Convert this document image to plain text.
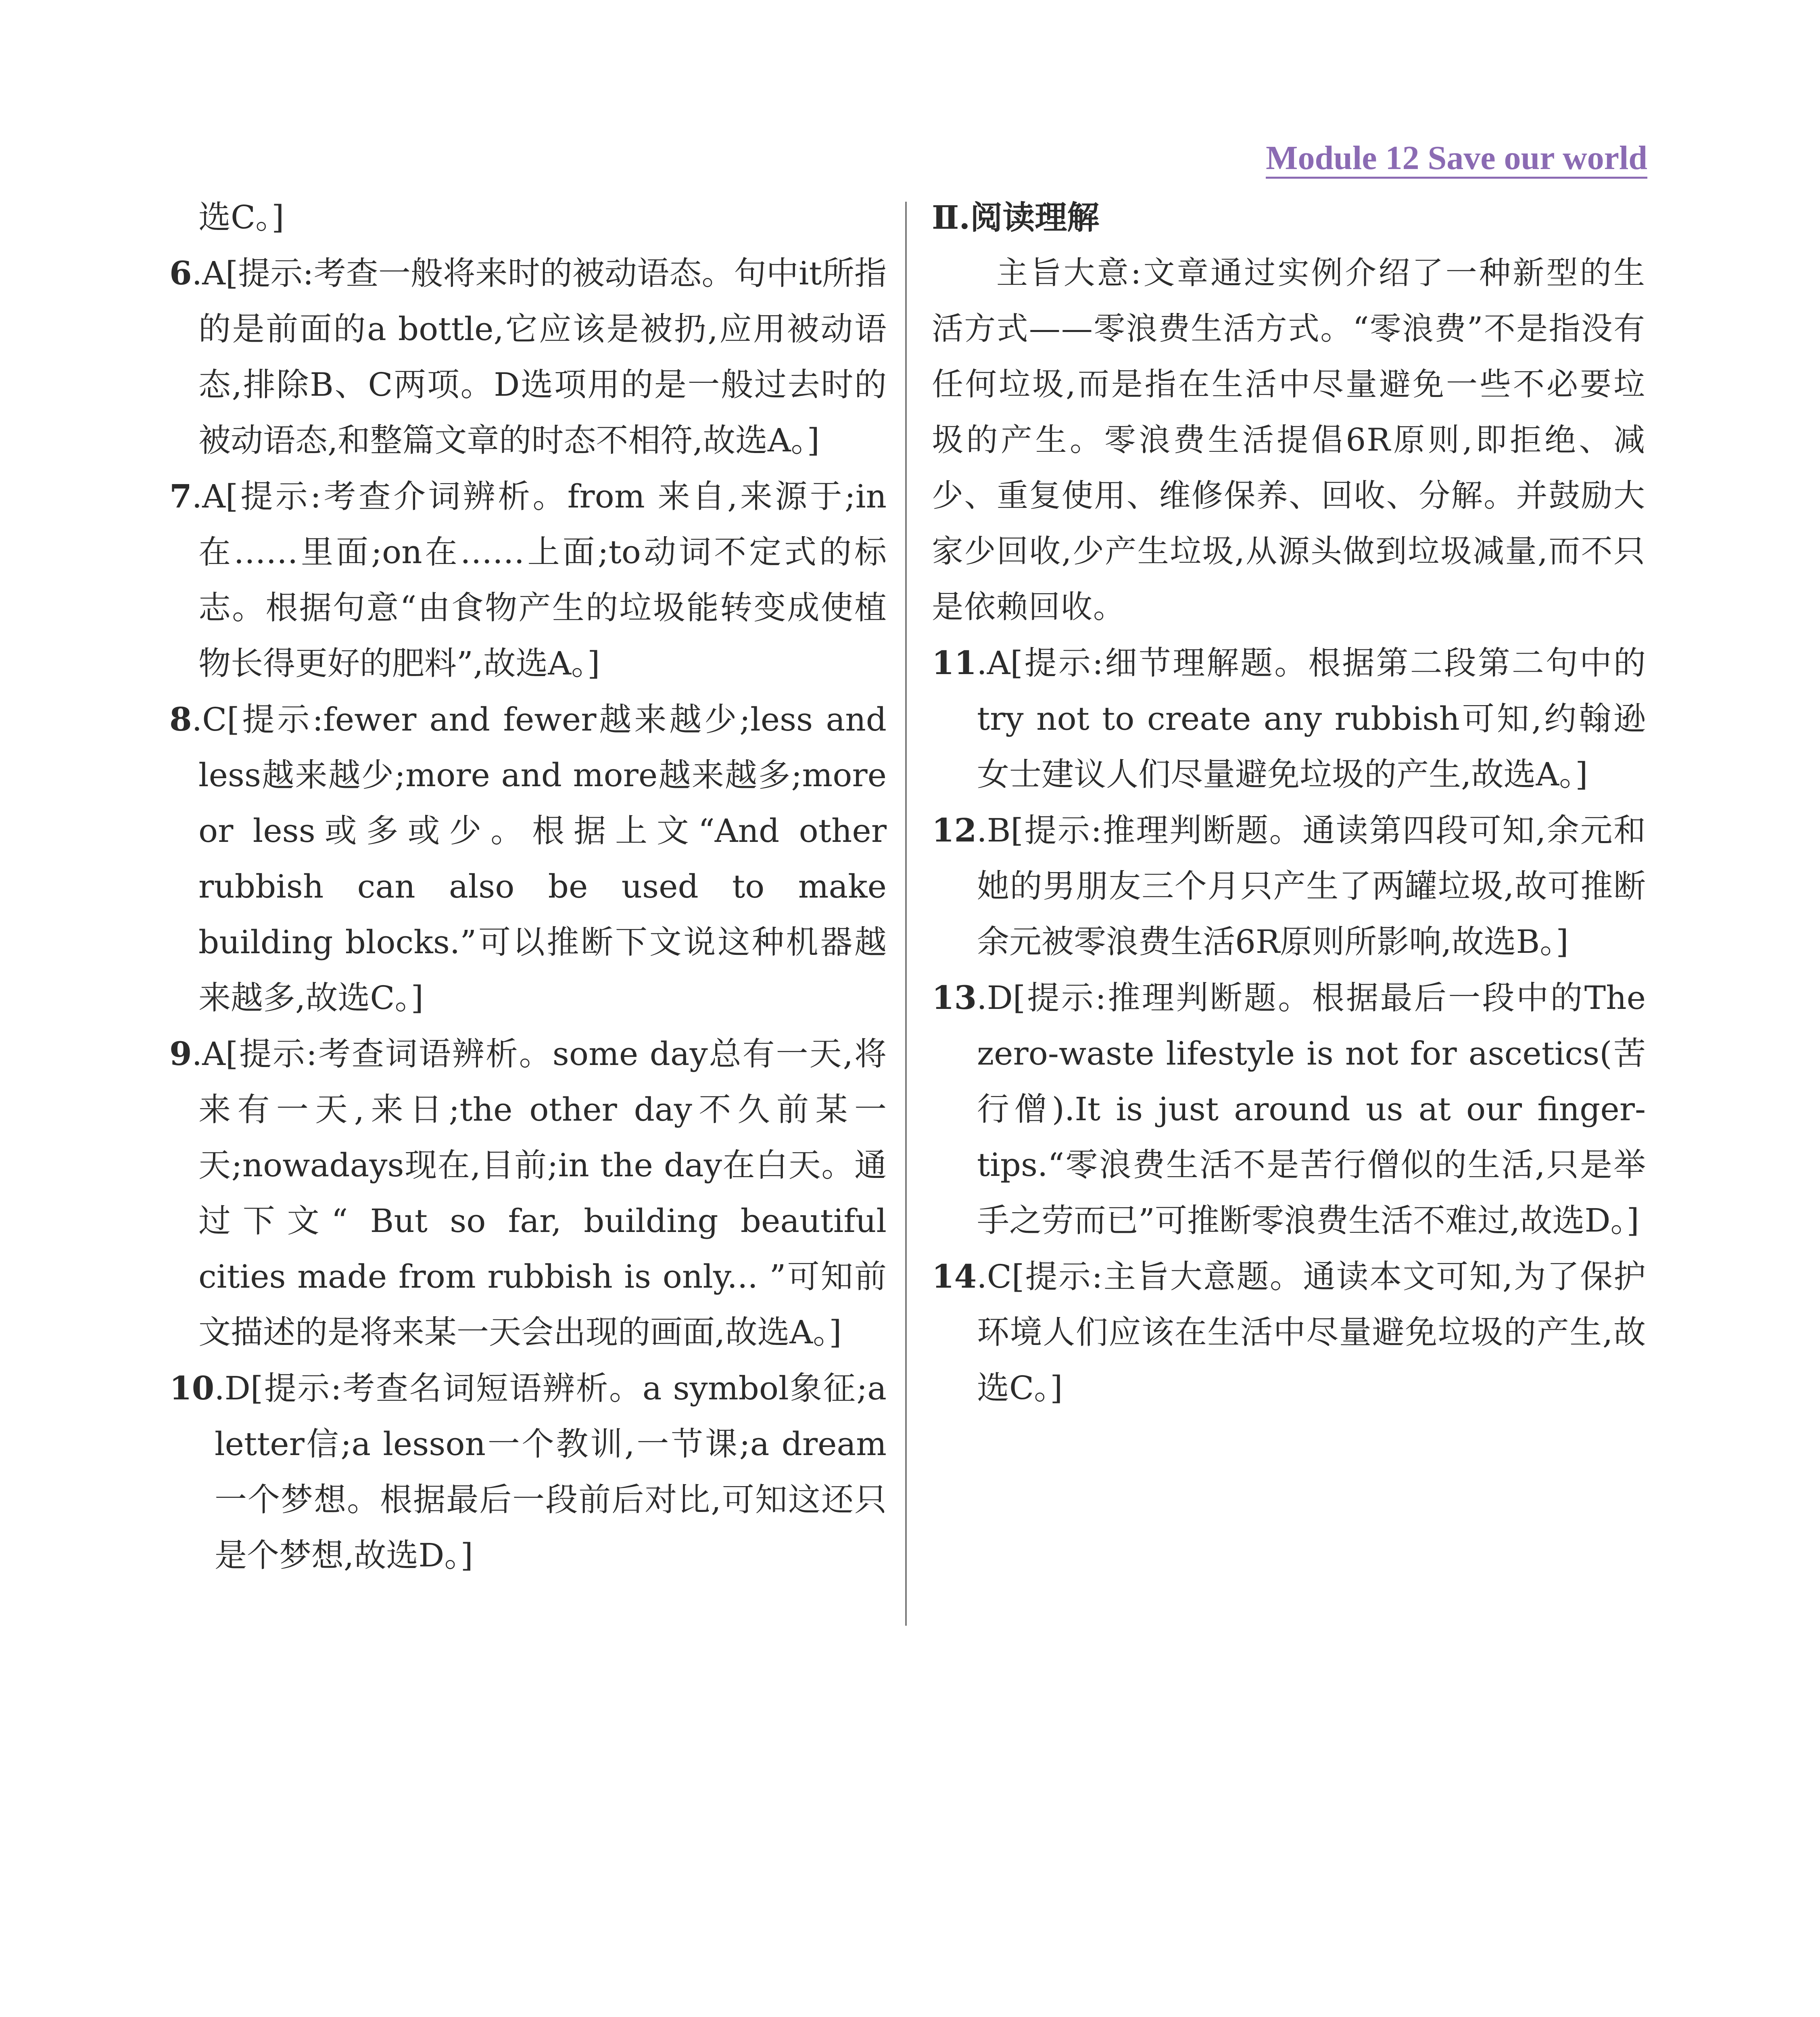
Module 12 Save our world

选C。]

6.A[提示:考查一般将来时的被动语态。句中it所指的是前面的a bottle,它应该是被扔,应用被动语态,排除B、C两项。D选项用的是一般过去时的被动语态,和整篇文章的时态不相符,故选A。]

7.A[提示:考查介词辨析。from 来自,来源于;in在……里面;on在……上面;to动词不定式的标志。根据句意“由食物产生的垃圾能转变成使植物长得更好的肥料”,故选A。]

8.C[提示:fewer and fewer越来越少;less and less越来越少;more and more越来越多;more or less或多或少。根据上文“And other rubbish can also be used to make building blocks.”可以推断下文说这种机器越来越多,故选C。]

9.A[提示:考查词语辨析。some day总有一天,将来有一天,来日;the other day不久前某一天;nowadays现在,目前;in the day在白天。通过下文“ But so far, building beautiful cities made from rubbish is only... ”可知前文描述的是将来某一天会出现的画面,故选A。]

10.D[提示:考查名词短语辨析。a symbol象征;a letter信;a lesson一个教训,一节课;a dream一个梦想。根据最后一段前后对比,可知这还只是个梦想,故选D。]

Ⅱ.阅读理解

主旨大意:文章通过实例介绍了一种新型的生活方式——零浪费生活方式。“零浪费”不是指没有任何垃圾,而是指在生活中尽量避免一些不必要垃圾的产生。零浪费生活提倡6R原则,即拒绝、减少、重复使用、维修保养、回收、分解。并鼓励大家少回收,少产生垃圾,从源头做到垃圾减量,而不只是依赖回收。

11.A[提示:细节理解题。根据第二段第二句中的try not to create any rubbish可知,约翰逊女士建议人们尽量避免垃圾的产生,故选A。]

12.B[提示:推理判断题。通读第四段可知,余元和她的男朋友三个月只产生了两罐垃圾,故可推断余元被零浪费生活6R原则所影响,故选B。]

13.D[提示:推理判断题。根据最后一段中的The zero-waste lifestyle is not for ascetics(苦行僧).It is just around us at our finger-tips.“零浪费生活不是苦行僧似的生活,只是举手之劳而已”可推断零浪费生活不难过,故选D。]

14.C[提示:主旨大意题。通读本文可知,为了保护环境人们应该在生活中尽量避免垃圾的产生,故选C。]
